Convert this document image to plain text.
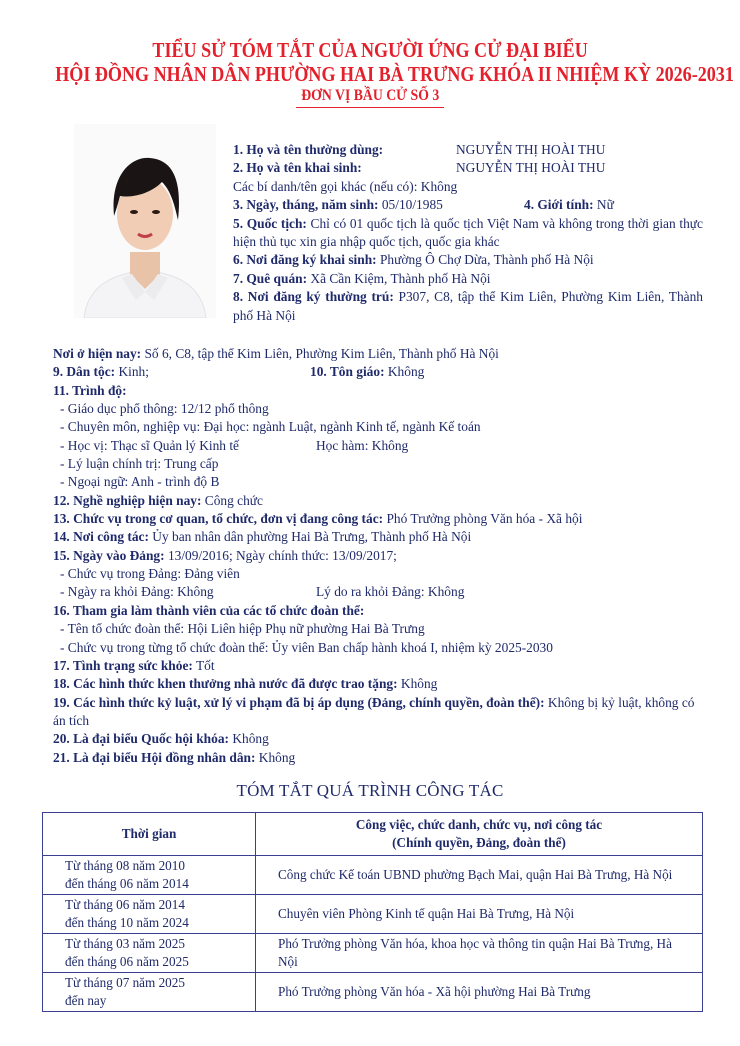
TIỂU SỬ TÓM TẮT CỦA NGƯỜI ỨNG CỬ ĐẠI BIỂU
HỘI ĐỒNG NHÂN DÂN PHƯỜNG HAI BÀ TRƯNG KHÓA II NHIỆM KỲ 2026-2031
ĐƠN VỊ BẦU CỬ SỐ 3
1. Họ và tên thường dùng:	NGUYỄN THỊ HOÀI THU
2. Họ và tên khai sinh:	NGUYỄN THỊ HOÀI THU
Các bí danh/tên gọi khác (nếu có): Không
3. Ngày, tháng, năm sinh: 05/10/1985	4. Giới tính: Nữ
5. Quốc tịch: Chỉ có 01 quốc tịch là quốc tịch Việt Nam và không trong thời gian thực hiện thủ tục xin gia nhập quốc tịch, quốc gia khác
6. Nơi đăng ký khai sinh: Phường Ô Chợ Dừa, Thành phố Hà Nội
7. Quê quán: Xã Cần Kiệm, Thành phố Hà Nội
8. Nơi đăng ký thường trú: P307, C8, tập thể Kim Liên, Phường Kim Liên, Thành phố Hà Nội
Nơi ở hiện nay: Số 6, C8, tập thể Kim Liên, Phường Kim Liên, Thành phố Hà Nội
9. Dân tộc: Kinh;	10. Tôn giáo: Không
11. Trình độ:
- Giáo dục phổ thông: 12/12 phổ thông
- Chuyên môn, nghiệp vụ: Đại học: ngành Luật, ngành Kinh tế, ngành Kế toán
- Học vị: Thạc sĩ Quản lý Kinh tế	Học hàm: Không
- Lý luận chính trị: Trung cấp
- Ngoại ngữ: Anh - trình độ B
12. Nghề nghiệp hiện nay: Công chức
13. Chức vụ trong cơ quan, tổ chức, đơn vị đang công tác: Phó Trưởng phòng Văn hóa - Xã hội
14. Nơi công tác: Ủy ban nhân dân phường Hai Bà Trưng, Thành phố Hà Nội
15. Ngày vào Đảng: 13/09/2016; Ngày chính thức: 13/09/2017;
- Chức vụ trong Đảng: Đảng viên
- Ngày ra khỏi Đảng: Không	Lý do ra khỏi Đảng: Không
16. Tham gia làm thành viên của các tổ chức đoàn thể:
- Tên tổ chức đoàn thể: Hội Liên hiệp Phụ nữ phường Hai Bà Trưng
- Chức vụ trong từng tổ chức đoàn thể: Ủy viên Ban chấp hành khoá I, nhiệm kỳ 2025-2030
17. Tình trạng sức khỏe: Tốt
18. Các hình thức khen thưởng nhà nước đã được trao tặng: Không
19. Các hình thức kỷ luật, xử lý vi phạm đã bị áp dụng (Đảng, chính quyền, đoàn thể): Không bị kỷ luật, không có án tích
20. Là đại biểu Quốc hội khóa: Không
21. Là đại biểu Hội đồng nhân dân: Không
TÓM TẮT QUÁ TRÌNH CÔNG TÁC
Thời gian	Công việc, chức danh, chức vụ, nơi công tác
(Chính quyền, Đảng, đoàn thể)
Từ tháng 08 năm 2010
đến tháng 06 năm 2014	Công chức Kế toán UBND phường Bạch Mai, quận Hai Bà Trưng, Hà Nội
Từ tháng 06 năm 2014
đến tháng 10 năm 2024	Chuyên viên Phòng Kinh tế quận Hai Bà Trưng, Hà Nội
Từ tháng 03 năm 2025
đến tháng 06 năm 2025	Phó Trưởng phòng Văn hóa, khoa học và thông tin quận Hai Bà Trưng, Hà Nội
Từ tháng 07 năm 2025
đến nay	Phó Trưởng phòng Văn hóa - Xã hội phường Hai Bà Trưng
